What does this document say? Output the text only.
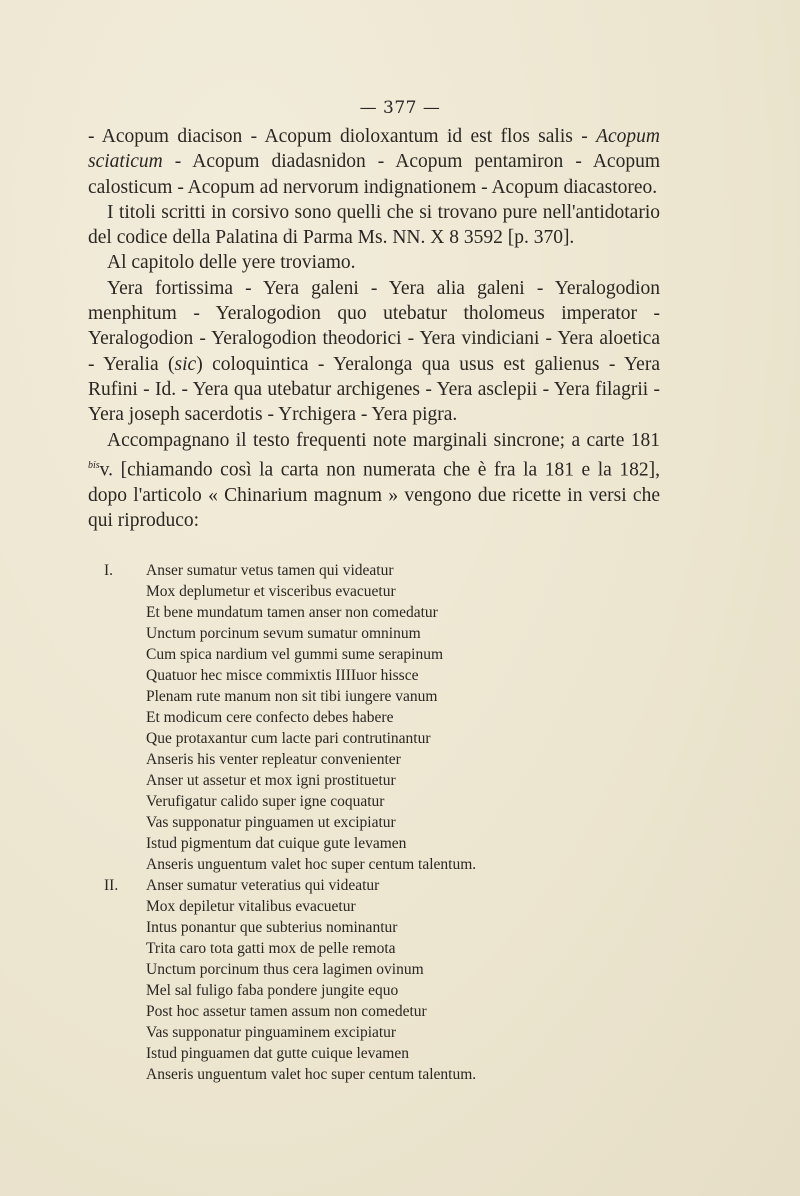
— 377 —

- Acopum diacison - Acopum dioloxantum id est flos salis - Acopum sciaticum - Acopum diadasnidon - Acopum pentamiron - Acopum calosticum - Acopum ad nervorum indignationem - Acopum diacastoreo.

I titoli scritti in corsivo sono quelli che si trovano pure nell'antidotario del codice della Palatina di Parma Ms. NN. X 8 3592 [p. 370].

Al capitolo delle yere troviamo.

Yera fortissima - Yera galeni - Yera alia galeni - Yeralogodion menphitum - Yeralogodion quo utebatur tholomeus imperator - Yeralogodion - Yeralogodion theodorici - Yera vindiciani - Yera aloetica - Yeralia (sic) coloquintica - Yeralonga qua usus est galienus - Yera Rufini - Id. - Yera qua utebatur archigenes - Yera asclepii - Yera filagrii - Yera joseph sacerdotis - Yrchigera - Yera pigra.

Accompagnano il testo frequenti note marginali sincrone; a carte 181 $^{bis}$v. [chiamando così la carta non numerata che è fra la 181 e la 182], dopo l'articolo « Chinarium magnum » vengono due ricette in versi che qui riproduco:

I.	Anser sumatur vetus tamen qui videatur
Mox deplumetur et visceribus evacuetur
Et bene mundatum tamen anser non comedatur
Unctum porcinum sevum sumatur omninum
Cum spica nardium vel gummi sume serapinum
Quatuor hec misce commixtis IIIIuor hissce
Plenam rute manum non sit tibi iungere vanum
Et modicum cere confecto debes habere
Que protaxantur cum lacte pari contrutinantur
Anseris his venter repleatur convenienter
Anser ut assetur et mox igni prostituetur
Verufigatur calido super igne coquatur
Vas supponatur pinguamen ut excipiatur
Istud pigmentum dat cuique gute levamen
Anseris unguentum valet hoc super centum talentum.
II.	Anser sumatur veteratius qui videatur
Mox depiletur vitalibus evacuetur
Intus ponantur que subterius nominantur
Trita caro tota gatti mox de pelle remota
Unctum porcinum thus cera lagimen ovinum
Mel sal fuligo faba pondere jungite equo
Post hoc assetur tamen assum non comedetur
Vas supponatur pinguaminem excipiatur
Istud pinguamen dat gutte cuique levamen
Anseris unguentum valet hoc super centum talentum.
